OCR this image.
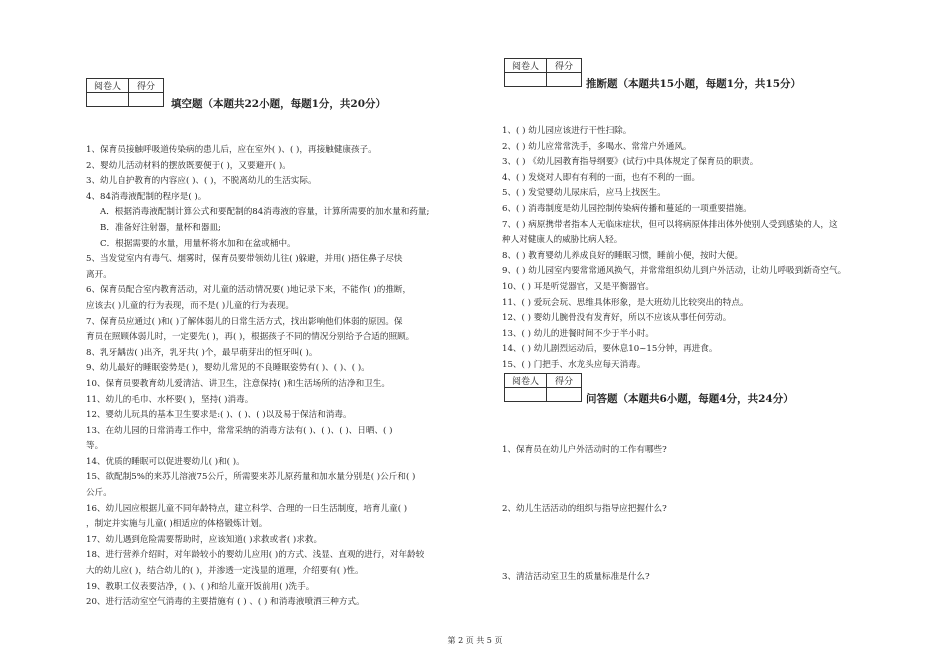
阅卷人	得分

填空题（本题共22小题，每题1分，共20分）
1、保育员接触呼吸道传染病的患儿后，应在室外( )、( )，再接触健康孩子。
2、婴幼儿活动材料的摆放既要便于( )，又要避开( )。
3、幼儿自护教育的内容应( )、( )，不脱离幼儿的生活实际。
4、84消毒液配制的程序是( )。
A．根据消毒液配制计算公式和要配制的84消毒液的容量，计算所需要的加水量和药量;
B．准备好注射器，量杯和器皿;
C．根据需要的水量，用量杯将水加和在盆或桶中。
5、当发觉室内有毒气、烟雾时，保育员要带领幼儿往( )躲避，并用( )捂住鼻子尽快
离开。
6、保育员配合室内教育活动，对儿童的活动情况要( )地记录下来，不能作( )的推断，
应该去( )儿童的行为表现，而不是( )儿童的行为表现。
7、保育员应通过( )和( )了解体弱儿的日常生活方式，找出影响他们体弱的原因。保
育员在照顾体弱儿时，一定要先( )，再( )，根据孩子不同的情况分别给予合适的照顾。
8、乳牙龋齿( )出齐，乳牙共( )个，最早萌芽出的恒牙叫( )。
9、幼儿最好的睡眠姿势是( )，婴幼儿常见的不良睡眠姿势有( )、( )、( )。
10、保育员要教育幼儿爱清洁、讲卫生，注意保持( )和生活场所的洁净和卫生。
11、幼儿的毛巾、水杯要( )，坚持( )消毒。
12、婴幼儿玩具的基本卫生要求是:( )、( )、( )以及易于保洁和消毒。
13、在幼儿园的日常消毒工作中，常常采纳的消毒方法有( )、( )、( )、日晒、( )
等。
14、优质的睡眠可以促进婴幼儿( )和( )。
15、欲配制5%的来苏儿溶液75公斤，所需要来苏儿原药量和加水量分别是( )公斤和( )
公斤。
16、幼儿园应根据儿童不同年龄特点，建立科学、合理的一日生活制度，培育儿童( )
，制定并实施与儿童( )相适应的体格锻炼计划。
17、幼儿遇到危险需要帮助时，应该知道( )求救或者( )求救。
18、进行营养介绍时，对年龄较小的婴幼儿应用( )的方式、浅显、直观的进行，对年龄较
大的幼儿应( )，结合幼儿的( )，并渗透一定浅显的道理，介绍要有( )性。
19、教职工仪表要洁净，( )、( )和给儿童开饭前用( )洗手。
20、进行活动室空气消毒的主要措施有 ( ) 、( ) 和消毒液喷洒三种方式。
阅卷人	得分

推断题（本题共15小题，每题1分，共15分）
1、( ) 幼儿园应该进行干性扫除。
2、( ) 幼儿应常常洗手，多喝水、常常户外通风。
3、( ) 《幼儿园教育指导纲要》(试行)中具体规定了保育员的职责。
4、( ) 发烧对人即有有利的一面，也有不利的一面。
5、( ) 发觉婴幼儿尿床后，应马上找医生。
6、( ) 消毒制度是幼儿园控制传染病传播和蔓延的一项重要措施。
7、( ) 病原携带者指本人无临床症状，但可以将病原体排出体外使别人受到感染的人，这
种人对健康人的威胁比病人轻。
8、( ) 教育婴幼儿养成良好的睡眠习惯，睡前小便，按时大便。
9、( ) 幼儿园室内要常常通风换气，并常常组织幼儿到户外活动，让幼儿呼吸到新奇空气。
10、( ) 耳是听觉器官，又是平衡器官。
11、( ) 爱玩会玩、思维具体形象，是大班幼儿比较突出的特点。
12、( ) 婴幼儿腕骨没有发育好，所以不应该从事任何劳动。
13、( ) 幼儿的进餐时间不少于半小时。
14、( ) 幼儿剧烈运动后，要休息10~15分钟，再进食。
15、( ) 门把手、水龙头应每天消毒。
阅卷人	得分

问答题（本题共6小题，每题4分，共24分）
1、保育员在幼儿户外活动时的工作有哪些?
2、幼儿生活活动的组织与指导应把握什么?
3、清洁活动室卫生的质量标准是什么?
第 2 页 共 5 页
